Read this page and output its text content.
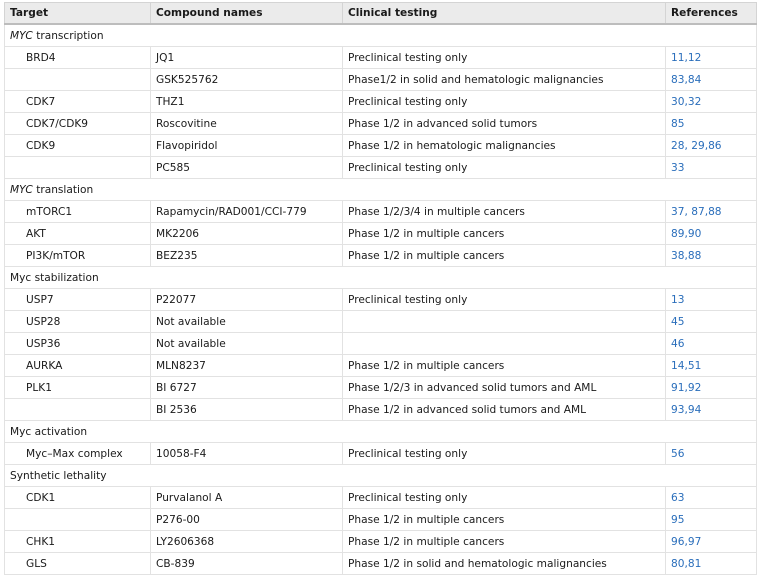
Target	Compound names	Clinical testing	References
MYC transcription			
BRD4	JQ1	Preclinical testing only	11,12
	GSK525762	Phase1/2 in solid and hematologic malignancies	83,84
CDK7	THZ1	Preclinical testing only	30,32
CDK7/CDK9	Roscovitine	Phase 1/2 in advanced solid tumors	85
CDK9	Flavopiridol	Phase 1/2 in hematologic malignancies	28, 29,86
	PC585	Preclinical testing only	33
MYC translation			
mTORC1	Rapamycin/RAD001/CCI-779	Phase 1/2/3/4 in multiple cancers	37, 87,88
AKT	MK2206	Phase 1/2 in multiple cancers	89,90
PI3K/mTOR	BEZ235	Phase 1/2 in multiple cancers	38,88
Myc stabilization			
USP7	P22077	Preclinical testing only	13
USP28	Not available		45
USP36	Not available		46
AURKA	MLN8237	Phase 1/2 in multiple cancers	14,51
PLK1	BI 6727	Phase 1/2/3 in advanced solid tumors and AML	91,92
	BI 2536	Phase 1/2 in advanced solid tumors and AML	93,94
Myc activation			
Myc–Max complex	10058-F4	Preclinical testing only	56
Synthetic lethality			
CDK1	Purvalanol A	Preclinical testing only	63
	P276-00	Phase 1/2 in multiple cancers	95
CHK1	LY2606368	Phase 1/2 in multiple cancers	96,97
GLS	CB-839	Phase 1/2 in solid and hematologic malignancies	80,81
